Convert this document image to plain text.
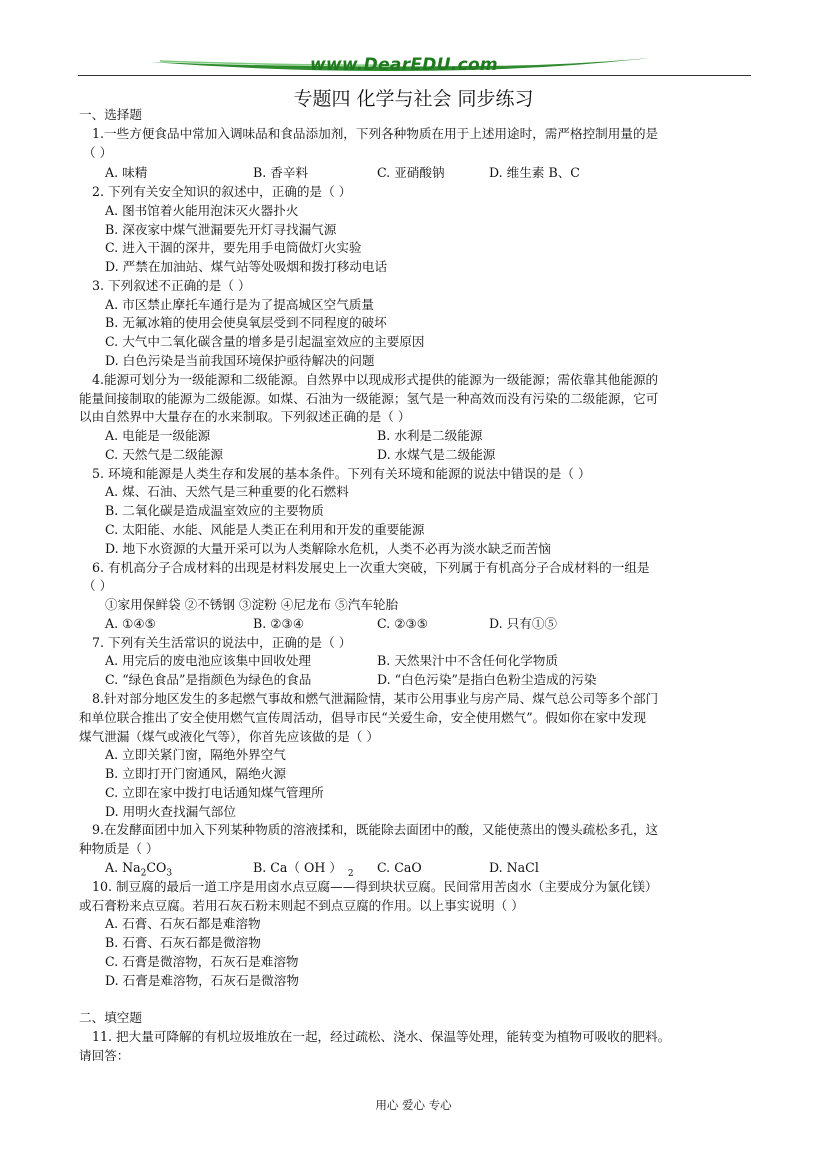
www.DearEDU.com
专题四 化学与社会 同步练习
一、选择题
1.一些方便食品中常加入调味品和食品添加剂，下列各种物质在用于上述用途时，需严格控制用量的是
（ ）
A. 味精	B. 香辛料	C. 亚硝酸钠	D. 维生素 B、C
2. 下列有关安全知识的叙述中，正确的是（ ）
A. 图书馆着火能用泡沫灭火器扑火
B. 深夜家中煤气泄漏要先开灯寻找漏气源
C. 进入干涸的深井，要先用手电筒做灯火实验
D. 严禁在加油站、煤气站等处吸烟和拨打移动电话
3. 下列叙述不正确的是（ ）
A. 市区禁止摩托车通行是为了提高城区空气质量
B. 无氟冰箱的使用会使臭氧层受到不同程度的破坏
C. 大气中二氧化碳含量的增多是引起温室效应的主要原因
D. 白色污染是当前我国环境保护亟待解决的问题
4.能源可划分为一级能源和二级能源。自然界中以现成形式提供的能源为一级能源；需依靠其他能源的
能量间接制取的能源为二级能源。如煤、石油为一级能源；氢气是一种高效而没有污染的二级能源，它可
以由自然界中大量存在的水来制取。下列叙述正确的是（ ）
A. 电能是一级能源	B. 水利是二级能源
C. 天然气是二级能源	D. 水煤气是二级能源
5. 环境和能源是人类生存和发展的基本条件。下列有关环境和能源的说法中错误的是（ ）
A. 煤、石油、天然气是三种重要的化石燃料
B. 二氧化碳是造成温室效应的主要物质
C. 太阳能、水能、风能是人类正在利用和开发的重要能源
D. 地下水资源的大量开采可以为人类解除水危机，人类不必再为淡水缺乏而苦恼
6. 有机高分子合成材料的出现是材料发展史上一次重大突破，下列属于有机高分子合成材料的一组是
（ ）
①家用保鲜袋 ②不锈钢 ③淀粉 ④尼龙布 ⑤汽车轮胎
A. ①④⑤	B. ②③④	C. ②③⑤	D. 只有①⑤
7. 下列有关生活常识的说法中，正确的是（ ）
A. 用完后的废电池应该集中回收处理	B. 天然果汁中不含任何化学物质
C. “绿色食品”是指颜色为绿色的食品	D. “白色污染”是指白色粉尘造成的污染
8.针对部分地区发生的多起燃气事故和燃气泄漏险情，某市公用事业与房产局、煤气总公司等多个部门
和单位联合推出了安全使用燃气宣传周活动，倡导市民“关爱生命，安全使用燃气”。假如你在家中发现
煤气泄漏（煤气或液化气等），你首先应该做的是（ ）
A. 立即关紧门窗，隔绝外界空气
B. 立即打开门窗通风，隔绝火源
C. 立即在家中拨打电话通知煤气管理所
D. 用明火查找漏气部位
9.在发酵面团中加入下列某种物质的溶液揉和，既能除去面团中的酸，又能使蒸出的馒头疏松多孔，这
种物质是（ ）
A. $Na_2CO_3$	B. Ca（ OH ） $_2$ C. CaO	D. NaCl
10. 制豆腐的最后一道工序是用卤水点豆腐——得到块状豆腐。民间常用苦卤水（主要成分为氯化镁）
或石膏粉来点豆腐。若用石灰石粉末则起不到点豆腐的作用。以上事实说明（ ）
A. 石膏、石灰石都是难溶物
B. 石膏、石灰石都是微溶物
C. 石膏是微溶物，石灰石是难溶物
D. 石膏是难溶物，石灰石是微溶物
二、填空题
11. 把大量可降解的有机垃圾堆放在一起，经过疏松、浇水、保温等处理，能转变为植物可吸收的肥料。
请回答：
用心 爱心 专心
